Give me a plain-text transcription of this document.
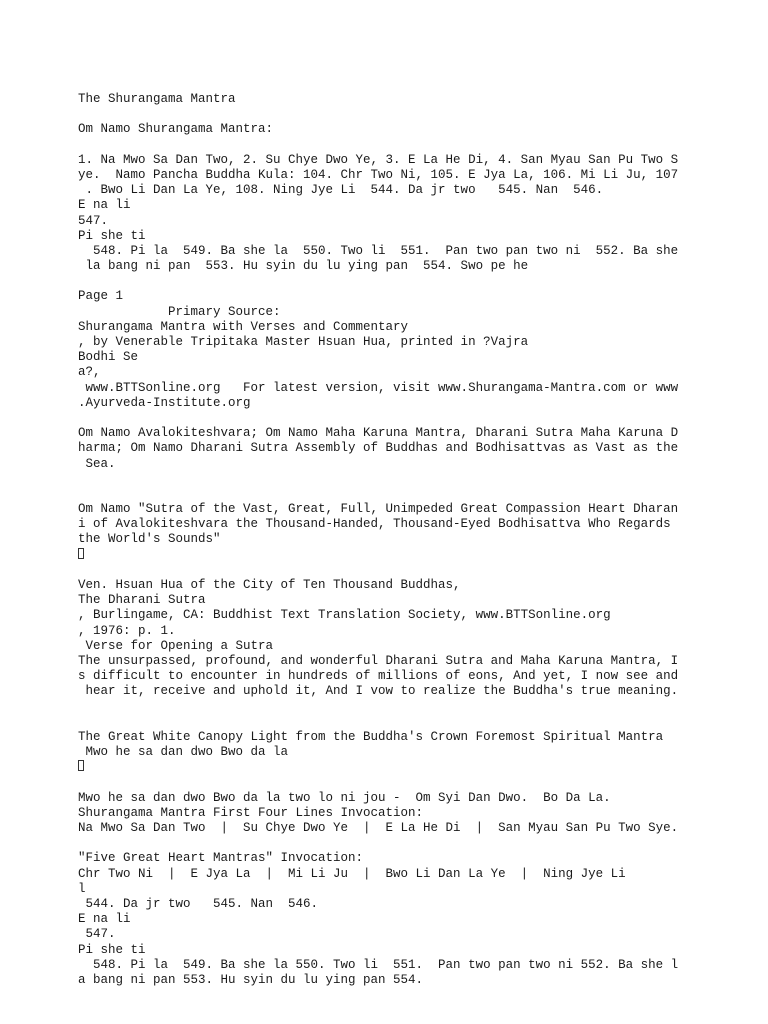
The Shurangama Mantra
Om Namo Shurangama Mantra:
1. Na Mwo Sa Dan Two, 2. Su Chye Dwo Ye, 3. E La He Di, 4. San Myau San Pu Two S
ye.  Namo Pancha Buddha Kula: 104. Chr Two Ni, 105. E Jya La, 106. Mi Li Ju, 107
. Bwo Li Dan La Ye, 108. Ning Jye Li  544. Da jr two   545. Nan  546.
E na li
547.
Pi she ti
548. Pi la  549. Ba she la  550. Two li  551.  Pan two pan two ni  552. Ba she
la bang ni pan  553. Hu syin du lu ying pan  554. Swo pe he
Page 1
Primary Source:
Shurangama Mantra with Verses and Commentary
, by Venerable Tripitaka Master Hsuan Hua, printed in ?Vajra
Bodhi Se
a?,
www.BTTSonline.org   For latest version, visit www.Shurangama-Mantra.com or www
.Ayurveda-Institute.org
Om Namo Avalokiteshvara; Om Namo Maha Karuna Mantra, Dharani Sutra Maha Karuna D
harma; Om Namo Dharani Sutra Assembly of Buddhas and Bodhisattvas as Vast as the
Sea.
Om Namo "Sutra of the Vast, Great, Full, Unimpeded Great Compassion Heart Dharan
i of Avalokiteshvara the Thousand-Handed, Thousand-Eyed Bodhisattva Who Regards
the World's Sounds"
Ven. Hsuan Hua of the City of Ten Thousand Buddhas,
The Dharani Sutra
, Burlingame, CA: Buddhist Text Translation Society, www.BTTSonline.org
, 1976: p. 1.
Verse for Opening a Sutra
The unsurpassed, profound, and wonderful Dharani Sutra and Maha Karuna Mantra, I
s difficult to encounter in hundreds of millions of eons, And yet, I now see and
hear it, receive and uphold it, And I vow to realize the Buddha's true meaning.
The Great White Canopy Light from the Buddha's Crown Foremost Spiritual Mantra
Mwo he sa dan dwo Bwo da la
Mwo he sa dan dwo Bwo da la two lo ni jou -  Om Syi Dan Dwo.  Bo Da La.
Shurangama Mantra First Four Lines Invocation:
Na Mwo Sa Dan Two  |  Su Chye Dwo Ye  |  E La He Di  |  San Myau San Pu Two Sye.
"Five Great Heart Mantras" Invocation:
Chr Two Ni  |  E Jya La  |  Mi Li Ju  |  Bwo Li Dan La Ye  |  Ning Jye Li
l
544. Da jr two   545. Nan  546.
E na li
547.
Pi she ti
548. Pi la  549. Ba she la 550. Two li  551.  Pan two pan two ni 552. Ba she l
a bang ni pan 553. Hu syin du lu ying pan 554.
